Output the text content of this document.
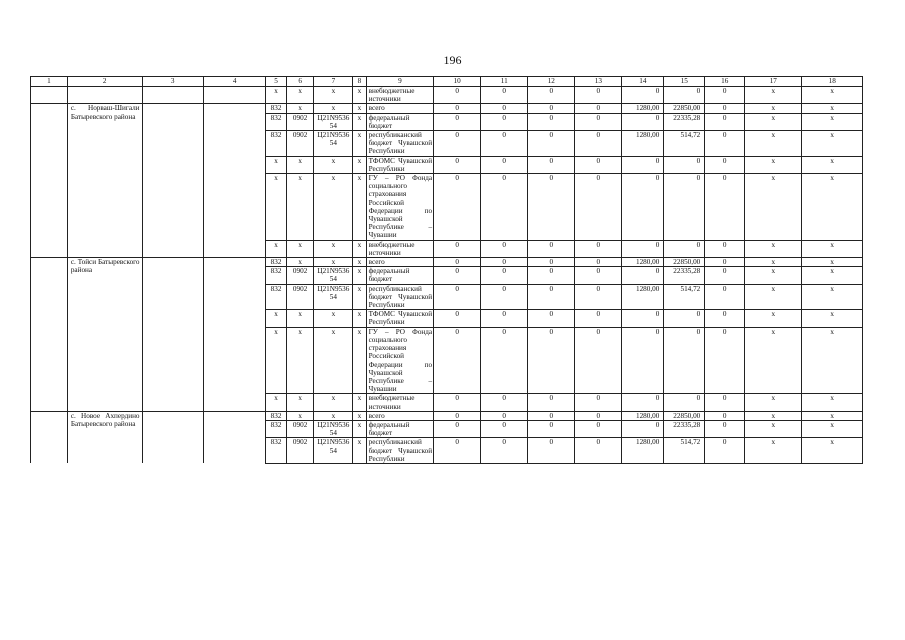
196
1	2	3	4	5	6	7	8	9	10	11	12	13	14	15	16	17	18
				х	х	х	х	внебюджетные источники	0	0	0	0	0	0	0	х	х
	с. Норваш-Шигали Батыревского района			832	х	х	х	всего	0	0	0	0	1280,00	22850,00	0	х	х
				832	0902	Ц21N9536 54	х	федеральный бюджет	0	0	0	0	0	22335,28	0	х	х
				832	0902	Ц21N9536 54	х	республиканский бюджет Чувашской Республики	0	0	0	0	1280,00	514,72	0	х	х
				х	х	х	х	ТФОМС Чувашской Республики	0	0	0	0	0	0	0	х	х
				х	х	х	х	ГУ – РО Фонда социального страхования Российской Федерации по Чувашской Республике – Чувашии	0	0	0	0	0	0	0	х	х
				х	х	х	х	внебюджетные источники	0	0	0	0	0	0	0	х	х
	с. Тойси Батыревского района			832	х	х	х	всего	0	0	0	0	1280,00	22850,00	0	х	х
				832	0902	Ц21N9536 54	х	федеральный бюджет	0	0	0	0	0	22335,28	0	х	х
				832	0902	Ц21N9536 54	х	республиканский бюджет Чувашской Республики	0	0	0	0	1280,00	514,72	0	х	х
				х	х	х	х	ТФОМС Чувашской Республики	0	0	0	0	0	0	0	х	х
				х	х	х	х	ГУ – РО Фонда социального страхования Российской Федерации по Чувашской Республике – Чувашии	0	0	0	0	0	0	0	х	х
				х	х	х	х	внебюджетные источники	0	0	0	0	0	0	0	х	х
	с. Новое Ахпердино Батыревского района			832	х	х	х	всего	0	0	0	0	1280,00	22850,00	0	х	х
				832	0902	Ц21N9536 54	х	федеральный бюджет	0	0	0	0	0	22335,28	0	х	х
				832	0902	Ц21N9536 54	х	республиканский бюджет Чувашской Республики	0	0	0	0	1280,00	514,72	0	х	х
